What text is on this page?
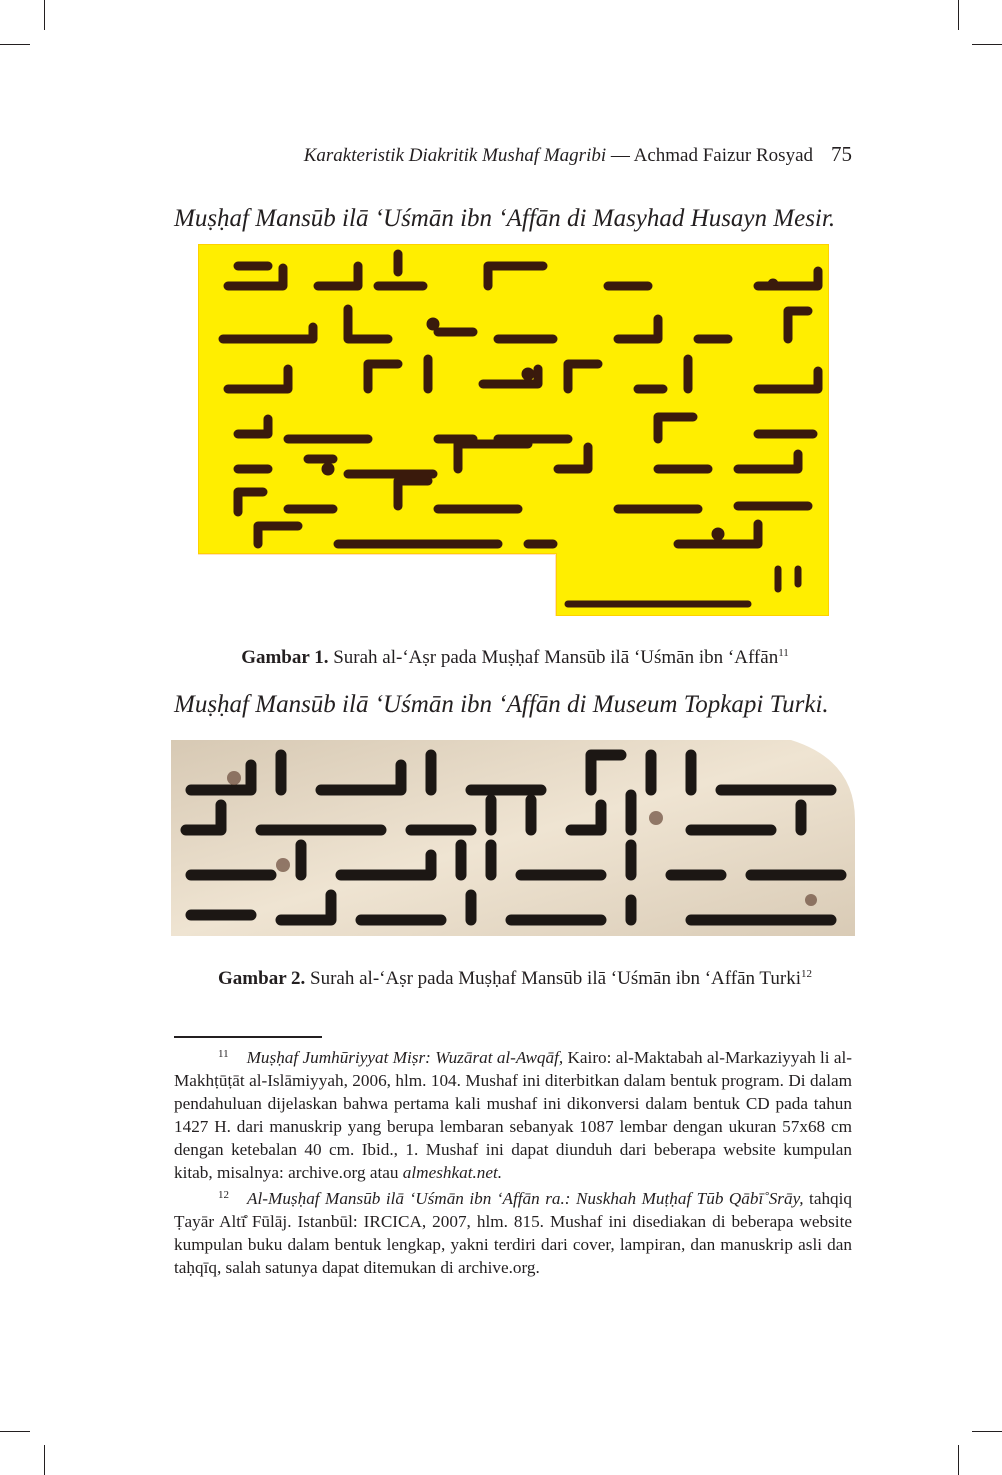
Karakteristik Diakritik Mushaf Magribi — Achmad Faizur Rosyad 75
Muṣḥaf Mansūb ilā ‘Uśmān ibn ‘Affān di Masyhad Husayn Mesir.
Gambar 1. Surah al-‘Aṣr pada Muṣḥaf Mansūb ilā ‘Uśmān ibn ‘Affān$^{11}$
Muṣḥaf Mansūb ilā ‘Uśmān ibn ‘Affān di Museum Topkapi Turki.
Gambar 2. Surah al-‘Aṣr pada Muṣḥaf Mansūb ilā ‘Uśmān ibn ‘Affān Turki$^{12}$

$^{11}$ Muṣḥaf Jumhūriyyat Miṣr: Wuzārat al-Awqāf, Kairo: al-Maktabah al-Markaziyyah li al-Makhṭūṭāt al-Islāmiyyah, 2006, hlm. 104. Mushaf ini diterbitkan dalam bentuk program. Di dalam pendahuluan dijelaskan bahwa pertama kali mushaf ini dikonversi dalam bentuk CD pada tahun 1427 H. dari manuskrip yang berupa lembaran sebanyak 1087 lembar dengan ukuran 57x68 cm dengan ketebalan 40 cm. Ibid., 1. Mushaf ini dapat diunduh dari beberapa website kumpulan kitab, misalnya: archive.org atau almeshkat.net.

$^{12}$ Al-Muṣḥaf Mansūb ilā ‘Uśmān ibn ‘Affān ra.: Nuskhah Muṭḥaf Tūb Qābī̊ Srāy, tahqiq Ṭayār Altī̊ Fūlāj. Istanbūl: IRCICA, 2007, hlm. 815. Mushaf ini disediakan di beberapa website kumpulan buku dalam bentuk lengkap, yakni terdiri dari cover, lampiran, dan manuskrip asli dan taḥqīq, salah satunya dapat ditemukan di archive.org.
